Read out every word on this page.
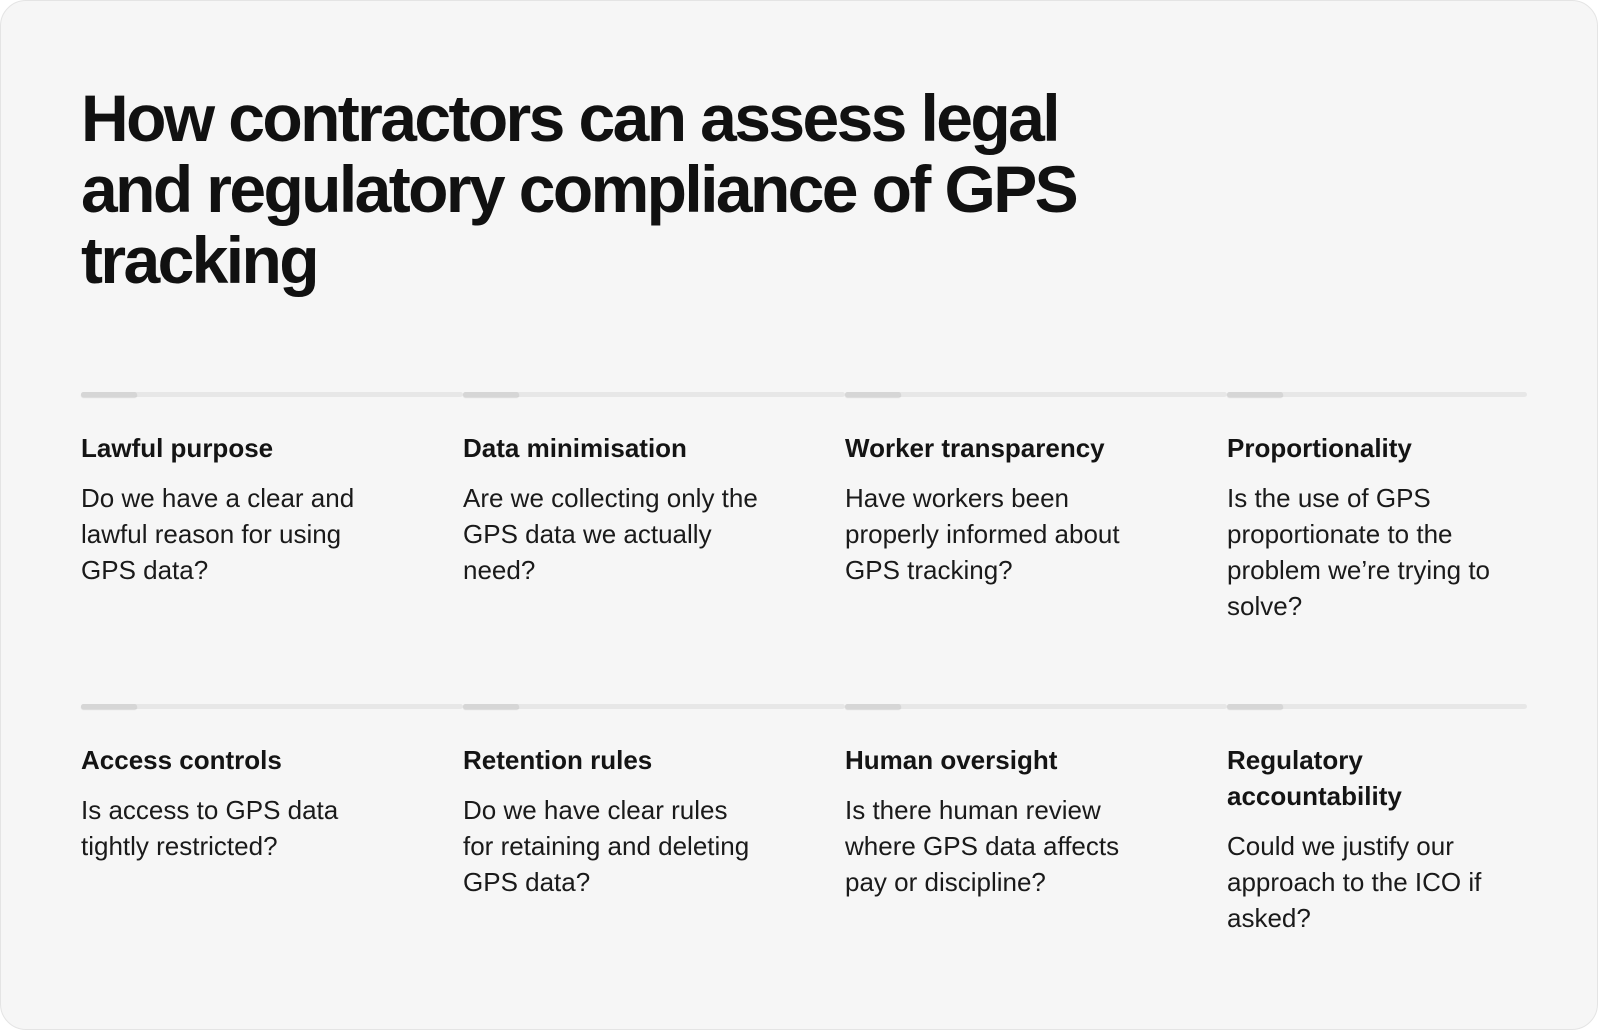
How contractors can assess legal and regulatory compliance of GPS tracking
Lawful purpose
Do we have a clear and lawful reason for using GPS data?
Data minimisation
Are we collecting only the GPS data we actually need?
Worker transparency
Have workers been properly informed about GPS tracking?
Proportionality
Is the use of GPS proportionate to the problem we’re trying to solve?
Access controls
Is access to GPS data tightly restricted?
Retention rules
Do we have clear rules for retaining and deleting GPS data?
Human oversight
Is there human review where GPS data affects pay or discipline?
Regulatory accountability
Could we justify our approach to the ICO if asked?
